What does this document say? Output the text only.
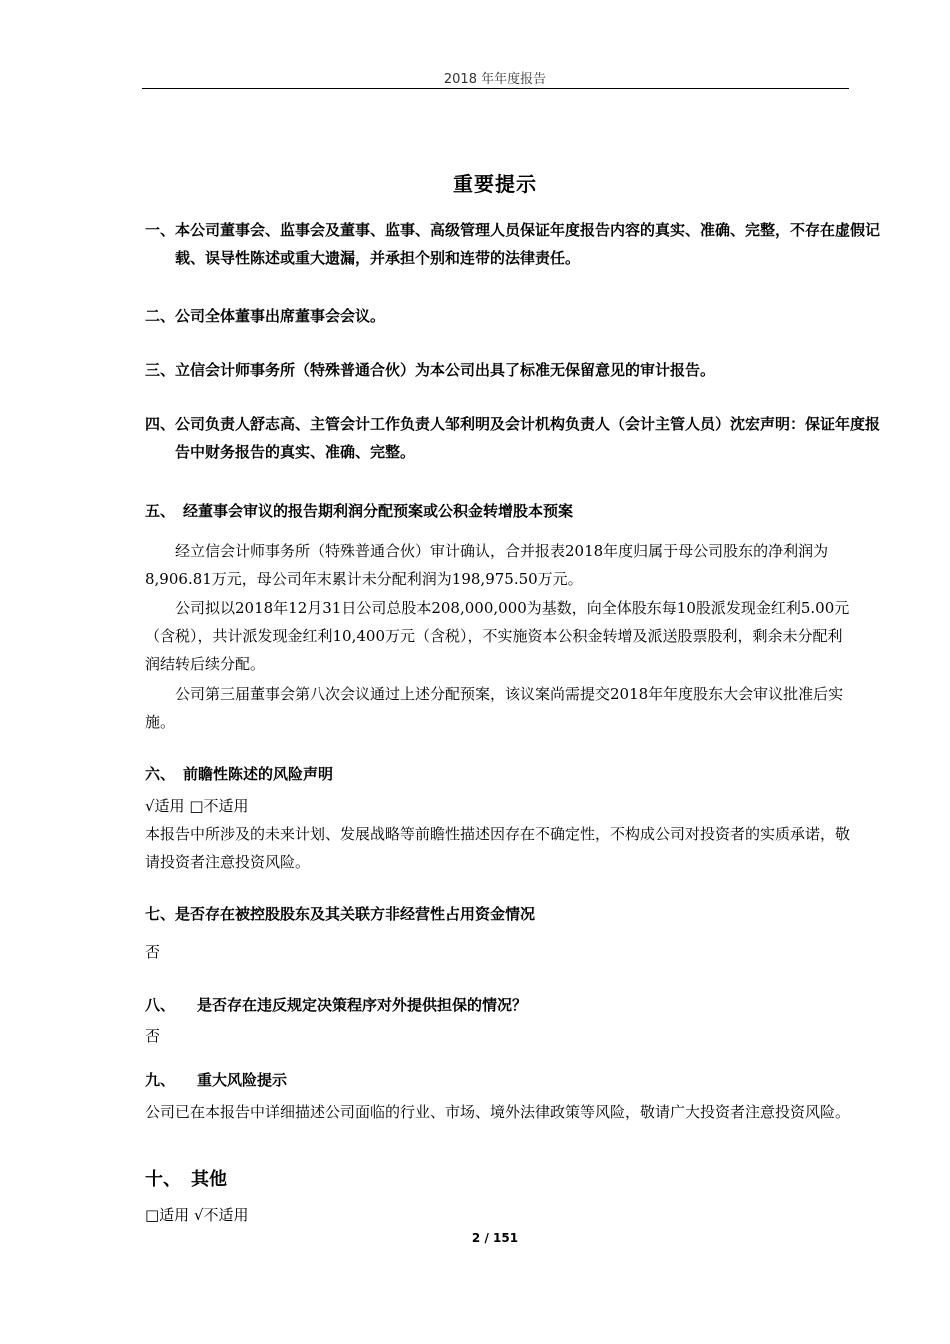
2018 年年度报告
重要提示
一、本公司董事会、监事会及董事、监事、高级管理人员保证年度报告内容的真实、准确、完整，不存在虚假记载、误导性陈述或重大遗漏，并承担个别和连带的法律责任。
二、公司全体董事出席董事会会议。
三、立信会计师事务所（特殊普通合伙）为本公司出具了标准无保留意见的审计报告。
四、公司负责人舒志高、主管会计工作负责人邹利明及会计机构负责人（会计主管人员）沈宏声明：保证年度报告中财务报告的真实、准确、完整。
五、 经董事会审议的报告期利润分配预案或公积金转增股本预案
经立信会计师事务所（特殊普通合伙）审计确认，合并报表2018年度归属于母公司股东的净利润为8,906.81万元，母公司年末累计未分配利润为198,975.50万元。
公司拟以2018年12月31日公司总股本208,000,000为基数，向全体股东每10股派发现金红利5.00元（含税），共计派发现金红利10,400万元（含税），不实施资本公积金转增及派送股票股利，剩余未分配利润结转后续分配。
公司第三届董事会第八次会议通过上述分配预案，该议案尚需提交2018年年度股东大会审议批准后实施。
六、 前瞻性陈述的风险声明
√适用 □不适用
本报告中所涉及的未来计划、发展战略等前瞻性描述因存在不确定性，不构成公司对投资者的实质承诺，敬请投资者注意投资风险。
七、是否存在被控股股东及其关联方非经营性占用资金情况
否
八、 是否存在违反规定决策程序对外提供担保的情况？
否
九、 重大风险提示
公司已在本报告中详细描述公司面临的行业、市场、境外法律政策等风险，敬请广大投资者注意投资风险。
十、 其他
□适用 √不适用
2 / 151
